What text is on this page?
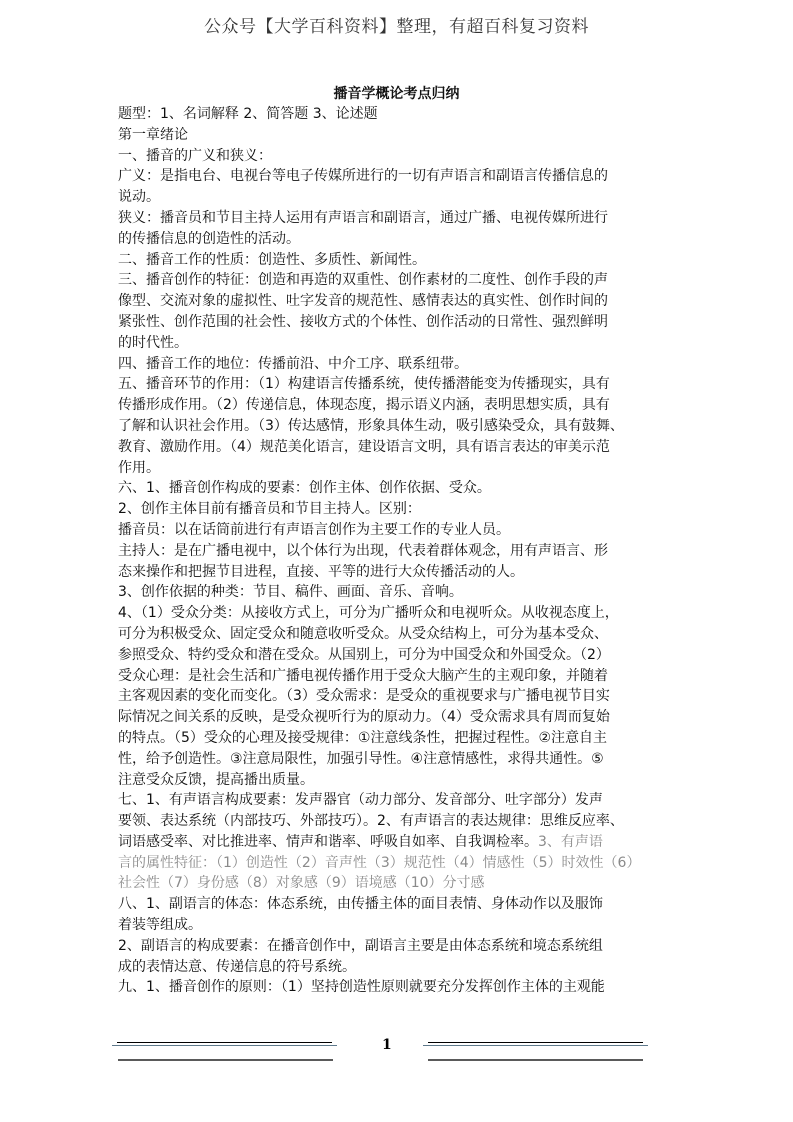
公众号【大学百科资料】整理，有超百科复习资料
播音学概论考点归纳
题型：1、名词解释 2、简答题 3、论述题
第一章绪论
一、播音的广义和狭义：
广义：是指电台、电视台等电子传媒所进行的一切有声语言和副语言传播信息的
说动。
狭义：播音员和节目主持人运用有声语言和副语言，通过广播、电视传媒所进行
的传播信息的创造性的活动。
二、播音工作的性质：创造性、多质性、新闻性。
三、播音创作的特征：创造和再造的双重性、创作素材的二度性、创作手段的声
像型、交流对象的虚拟性、吐字发音的规范性、感情表达的真实性、创作时间的
紧张性、创作范围的社会性、接收方式的个体性、创作活动的日常性、强烈鲜明
的时代性。
四、播音工作的地位：传播前沿、中介工序、联系纽带。
五、播音环节的作用：（1）构建语言传播系统，使传播潜能变为传播现实，具有
传播形成作用。（2）传递信息，体现态度，揭示语义内涵，表明思想实质，具有
了解和认识社会作用。（3）传达感情，形象具体生动，吸引感染受众，具有鼓舞、
教育、激励作用。（4）规范美化语言，建设语言文明，具有语言表达的审美示范
作用。
六、1、播音创作构成的要素：创作主体、创作依据、受众。
2、创作主体目前有播音员和节目主持人。区别：
播音员：以在话筒前进行有声语言创作为主要工作的专业人员。
主持人：是在广播电视中，以个体行为出现，代表着群体观念，用有声语言、形
态来操作和把握节目进程，直接、平等的进行大众传播活动的人。
3、创作依据的种类：节目、稿件、画面、音乐、音响。
4、（1）受众分类：从接收方式上，可分为广播听众和电视听众。从收视态度上，
可分为积极受众、固定受众和随意收听受众。从受众结构上，可分为基本受众、
参照受众、特约受众和潜在受众。从国别上，可分为中国受众和外国受众。（2）
受众心理：是社会生活和广播电视传播作用于受众大脑产生的主观印象，并随着
主客观因素的变化而变化。（3）受众需求：是受众的重视要求与广播电视节目实
际情况之间关系的反映，是受众视听行为的原动力。（4）受众需求具有周而复始
的特点。（5）受众的心理及接受规律：①注意线条性，把握过程性。②注意自主
性，给予创造性。③注意局限性，加强引导性。④注意情感性，求得共通性。⑤
注意受众反馈，提高播出质量。
七、1、有声语言构成要素：发声器官（动力部分、发音部分、吐字部分）发声
要领、表达系统（内部技巧、外部技巧）。2、有声语言的表达规律：思维反应率、
词语感受率、对比推进率、情声和谐率、呼吸自如率、自我调检率。3、有声语
言的属性特征：（1）创造性（2）音声性（3）规范性（4）情感性（5）时效性（6）
社会性（7）身份感（8）对象感（9）语境感（10）分寸感
八、1、副语言的体态：体态系统，由传播主体的面目表情、身体动作以及服饰
着装等组成。
2、副语言的构成要素：在播音创作中，副语言主要是由体态系统和境态系统组
成的表情达意、传递信息的符号系统。
九、1、播音创作的原则：（1）坚持创造性原则就要充分发挥创作主体的主观能
1
